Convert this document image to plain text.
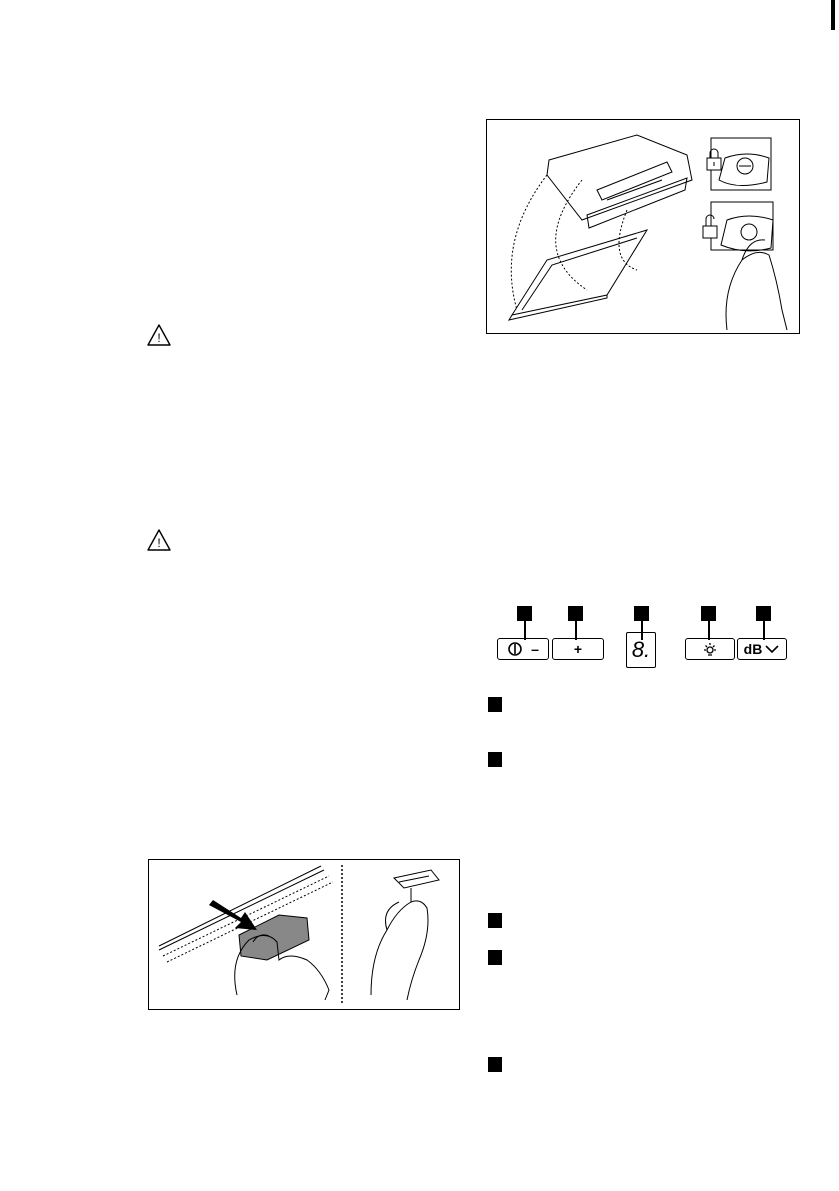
!
!
–	+ 8.	dB
